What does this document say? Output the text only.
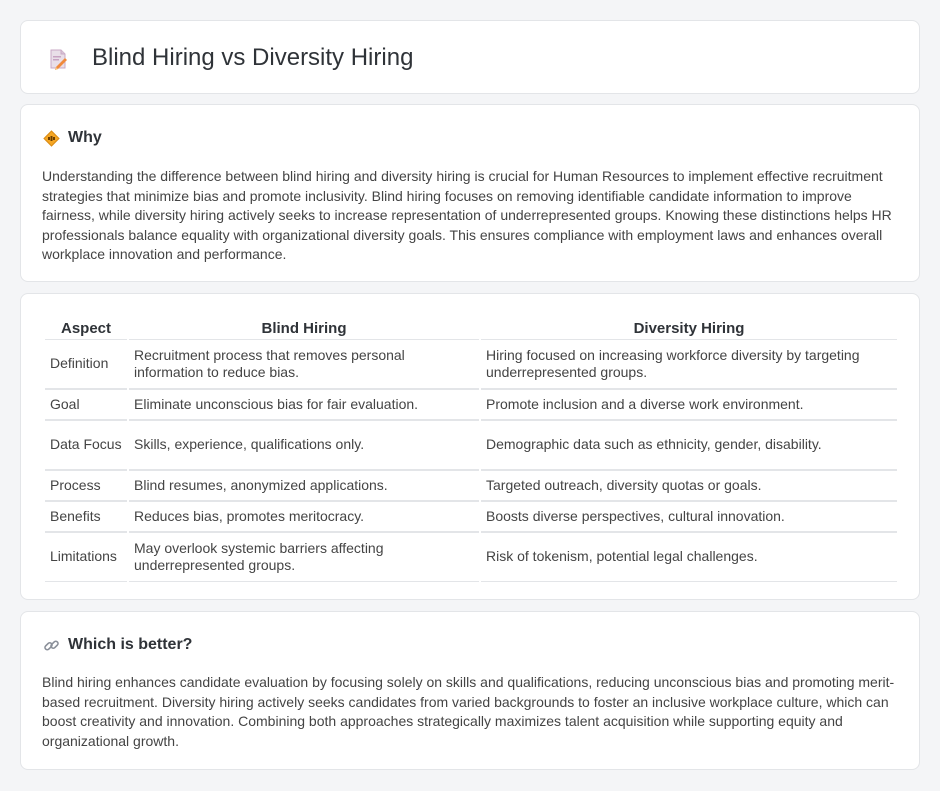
Blind Hiring vs Diversity Hiring
Why

Understanding the difference between blind hiring and diversity hiring is crucial for Human Resources to implement effective recruitment strategies that minimize bias and promote inclusivity. Blind hiring focuses on removing identifiable candidate information to improve fairness, while diversity hiring actively seeks to increase representation of underrepresented groups. Knowing these distinctions helps HR professionals balance equality with organizational diversity goals. This ensures compliance with employment laws and enhances overall workplace innovation and performance.

Aspect	Blind Hiring	Diversity Hiring
Definition	Recruitment process that removes personal information to reduce bias.	Hiring focused on increasing workforce diversity by targeting underrepresented groups.
Goal	Eliminate unconscious bias for fair evaluation.	Promote inclusion and a diverse work environment.
Data Focus	Skills, experience, qualifications only.	Demographic data such as ethnicity, gender, disability.
Process	Blind resumes, anonymized applications.	Targeted outreach, diversity quotas or goals.
Benefits	Reduces bias, promotes meritocracy.	Boosts diverse perspectives, cultural innovation.
Limitations	May overlook systemic barriers affecting underrepresented groups.	Risk of tokenism, potential legal challenges.
Which is better?

Blind hiring enhances candidate evaluation by focusing solely on skills and qualifications, reducing unconscious bias and promoting merit-based recruitment. Diversity hiring actively seeks candidates from varied backgrounds to foster an inclusive workplace culture, which can boost creativity and innovation. Combining both approaches strategically maximizes talent acquisition while supporting equity and organizational growth.
